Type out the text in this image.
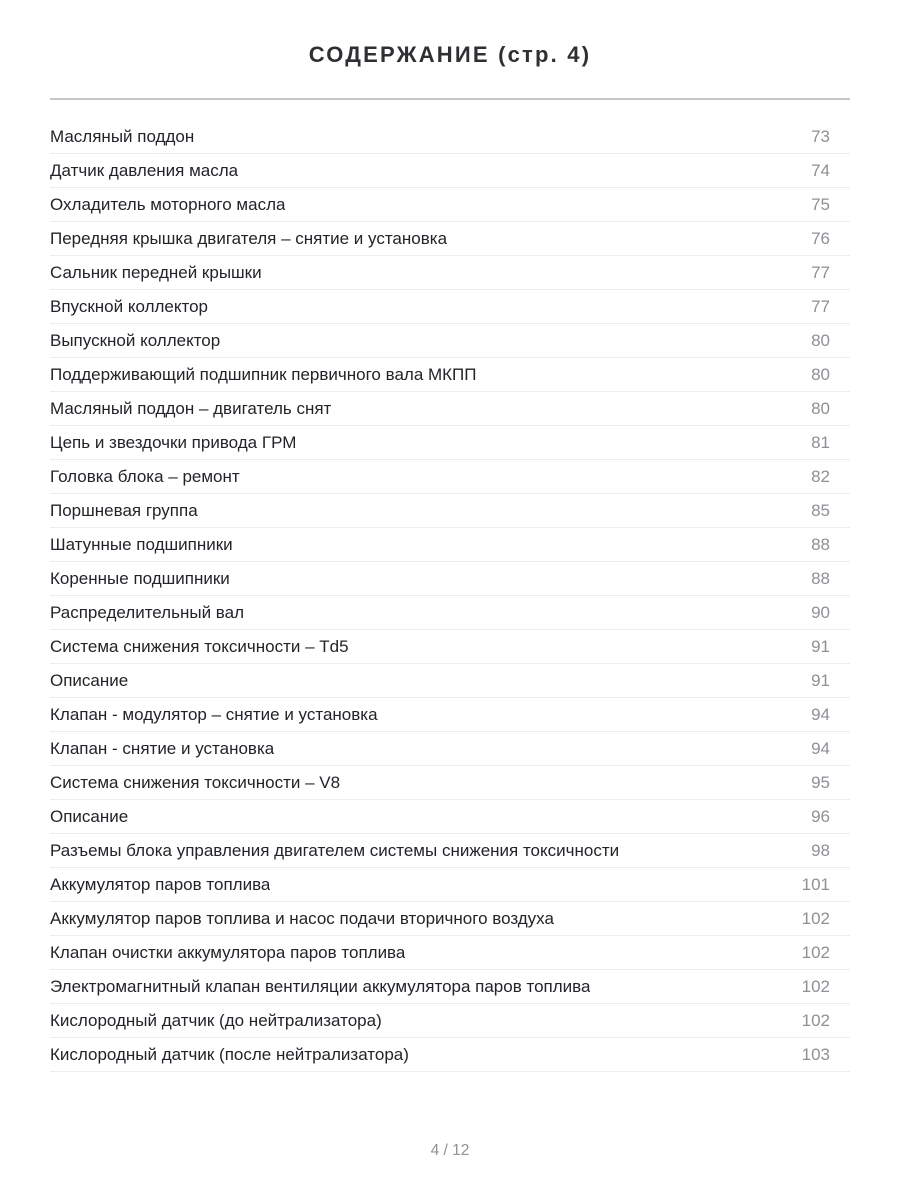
СОДЕРЖАНИЕ (стр. 4)
Масляный поддон	73
Датчик давления масла	74
Охладитель моторного масла	75
Передняя крышка двигателя – снятие и установка	76
Сальник передней крышки	77
Впускной коллектор	77
Выпускной коллектор	80
Поддерживающий подшипник первичного вала МКПП	80
Масляный поддон – двигатель снят	80
Цепь и звездочки привода ГРМ	81
Головка блока – ремонт	82
Поршневая группа	85
Шатунные подшипники	88
Коренные подшипники	88
Распределительный вал	90
Система снижения токсичности – Td5	91
Описание	91
Клапан - модулятор – снятие и установка	94
Клапан - снятие и установка	94
Система снижения токсичности – V8	95
Описание	96
Разъемы блока управления двигателем системы снижения токсичности	98
Аккумулятор паров топлива	101
Аккумулятор паров топлива и насос подачи вторичного воздуха	102
Клапан очистки аккумулятора паров топлива	102
Электромагнитный клапан вентиляции аккумулятора паров топлива	102
Кислородный датчик (до нейтрализатора)	102
Кислородный датчик (после нейтрализатора)	103
4 / 12
